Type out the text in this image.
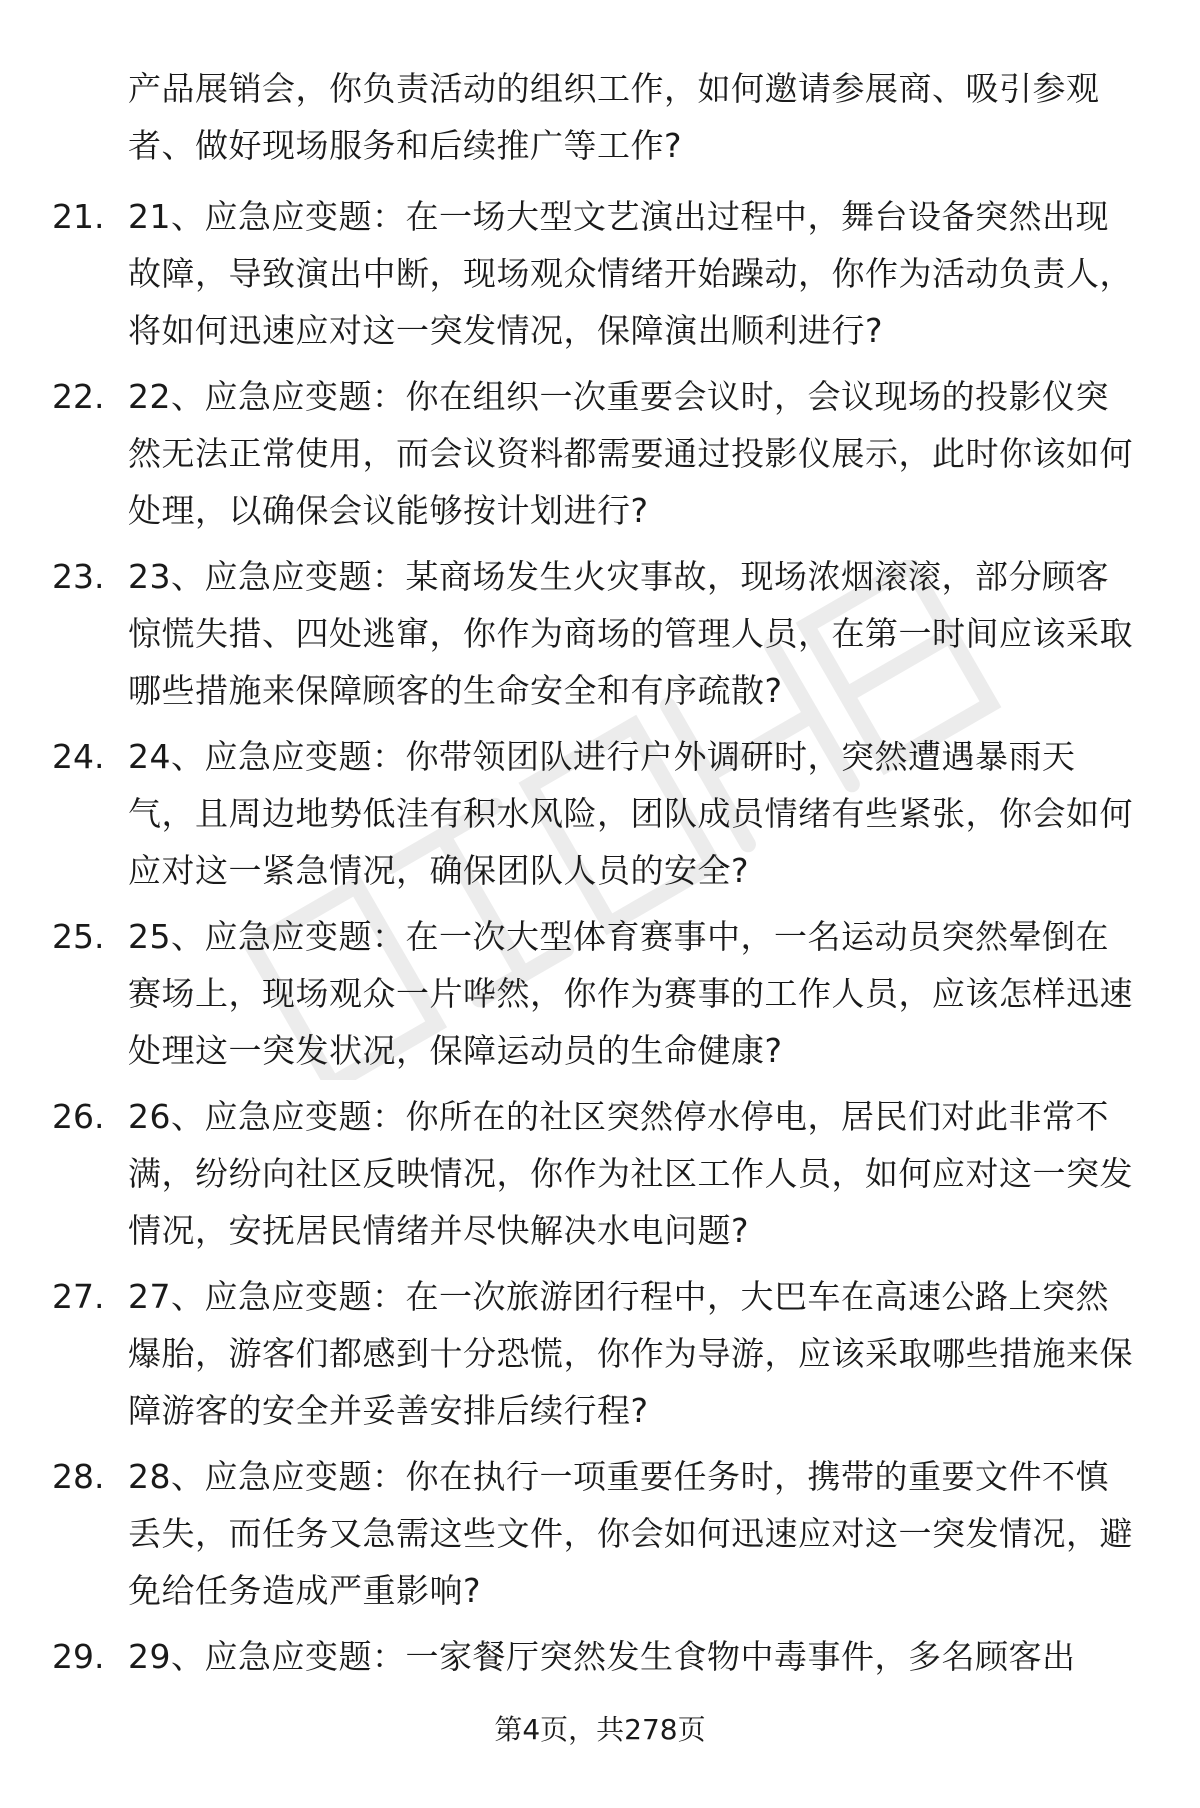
产品展销会，你负责活动的组织工作，如何邀请参展商、吸引参观者、做好现场服务和后续推广等工作?
21. 21、应急应变题：在一场大型文艺演出过程中，舞台设备突然出现故障，导致演出中断，现场观众情绪开始躁动，你作为活动负责人，将如何迅速应对这一突发情况，保障演出顺利进行?
22. 22、应急应变题：你在组织一次重要会议时，会议现场的投影仪突然无法正常使用，而会议资料都需要通过投影仪展示，此时你该如何处理，以确保会议能够按计划进行?
23. 23、应急应变题：某商场发生火灾事故，现场浓烟滚滚，部分顾客惊慌失措、四处逃窜，你作为商场的管理人员，在第一时间应该采取哪些措施来保障顾客的生命安全和有序疏散?
24. 24、应急应变题：你带领团队进行户外调研时，突然遭遇暴雨天气，且周边地势低洼有积水风险，团队成员情绪有些紧张，你会如何应对这一紧急情况，确保团队人员的安全?
25. 25、应急应变题：在一次大型体育赛事中，一名运动员突然晕倒在赛场上，现场观众一片哗然，你作为赛事的工作人员，应该怎样迅速处理这一突发状况，保障运动员的生命健康?
26. 26、应急应变题：你所在的社区突然停水停电，居民们对此非常不满，纷纷向社区反映情况，你作为社区工作人员，如何应对这一突发情况，安抚居民情绪并尽快解决水电问题?
27. 27、应急应变题：在一次旅游团行程中，大巴车在高速公路上突然爆胎，游客们都感到十分恐慌，你作为导游，应该采取哪些措施来保障游客的安全并妥善安排后续行程?
28. 28、应急应变题：你在执行一项重要任务时，携带的重要文件不慎丢失，而任务又急需这些文件，你会如何迅速应对这一突发情况，避免给任务造成严重影响?
29. 29、应急应变题：一家餐厅突然发生食物中毒事件，多名顾客出
第4页，共278页
